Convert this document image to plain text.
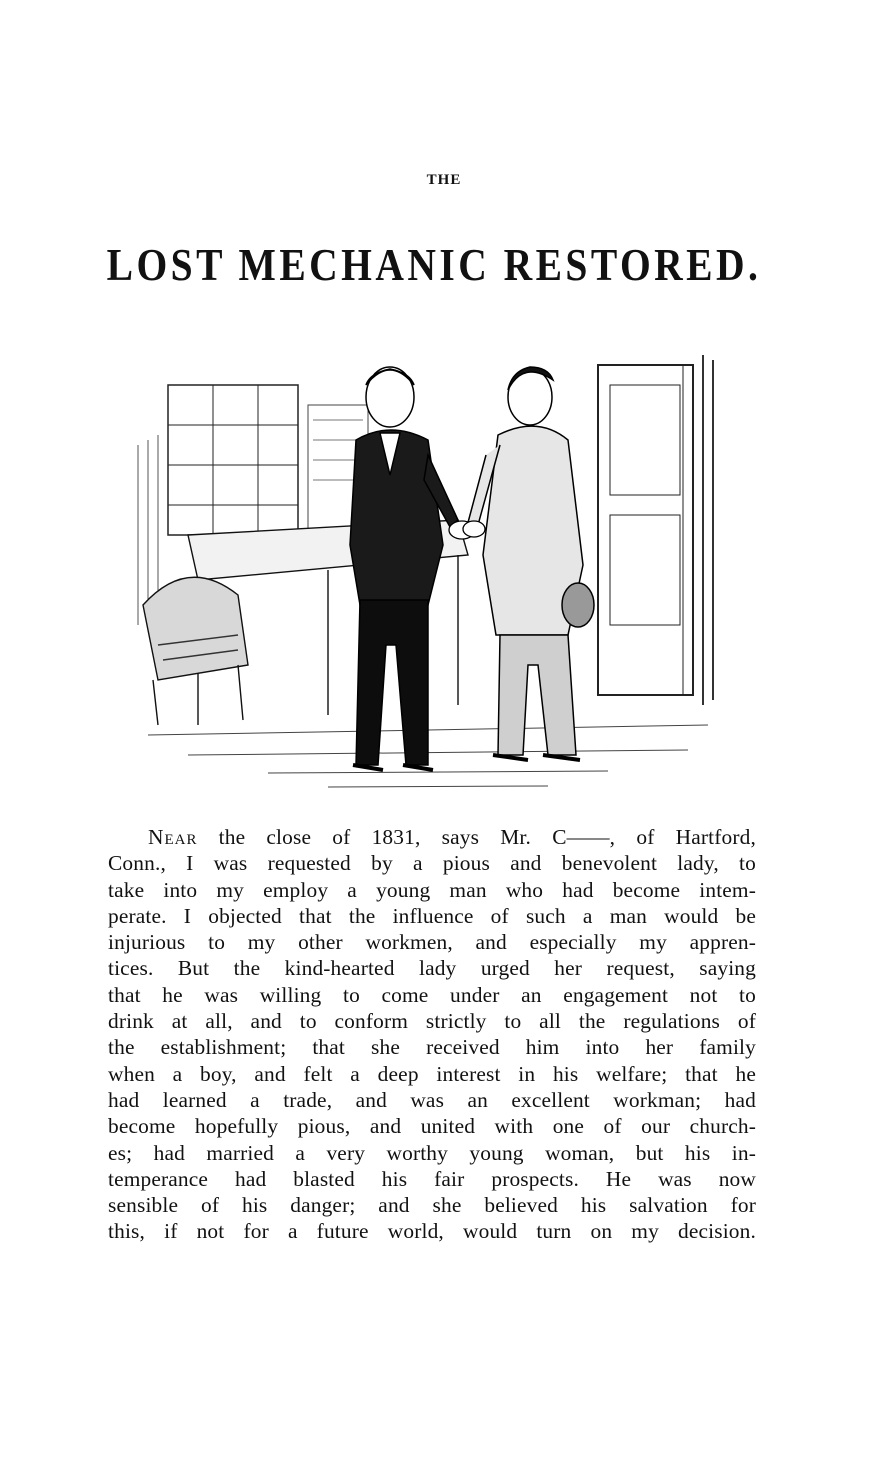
THE
LOST MECHANIC RESTORED.
Near the close of 1831, says Mr. C——, of Hartford,
Conn., I was requested by a pious and benevolent lady, to
take into my employ a young man who had become intem-
perate. I objected that the influence of such a man would be
injurious to my other workmen, and especially my appren-
tices. But the kind-hearted lady urged her request, saying
that he was willing to come under an engagement not to
drink at all, and to conform strictly to all the regulations of
the establishment; that she received him into her family
when a boy, and felt a deep interest in his welfare; that he
had learned a trade, and was an excellent workman; had
become hopefully pious, and united with one of our church-
es; had married a very worthy young woman, but his in-
temperance had blasted his fair prospects. He was now
sensible of his danger; and she believed his salvation for
this, if not for a future world, would turn on my decision.
